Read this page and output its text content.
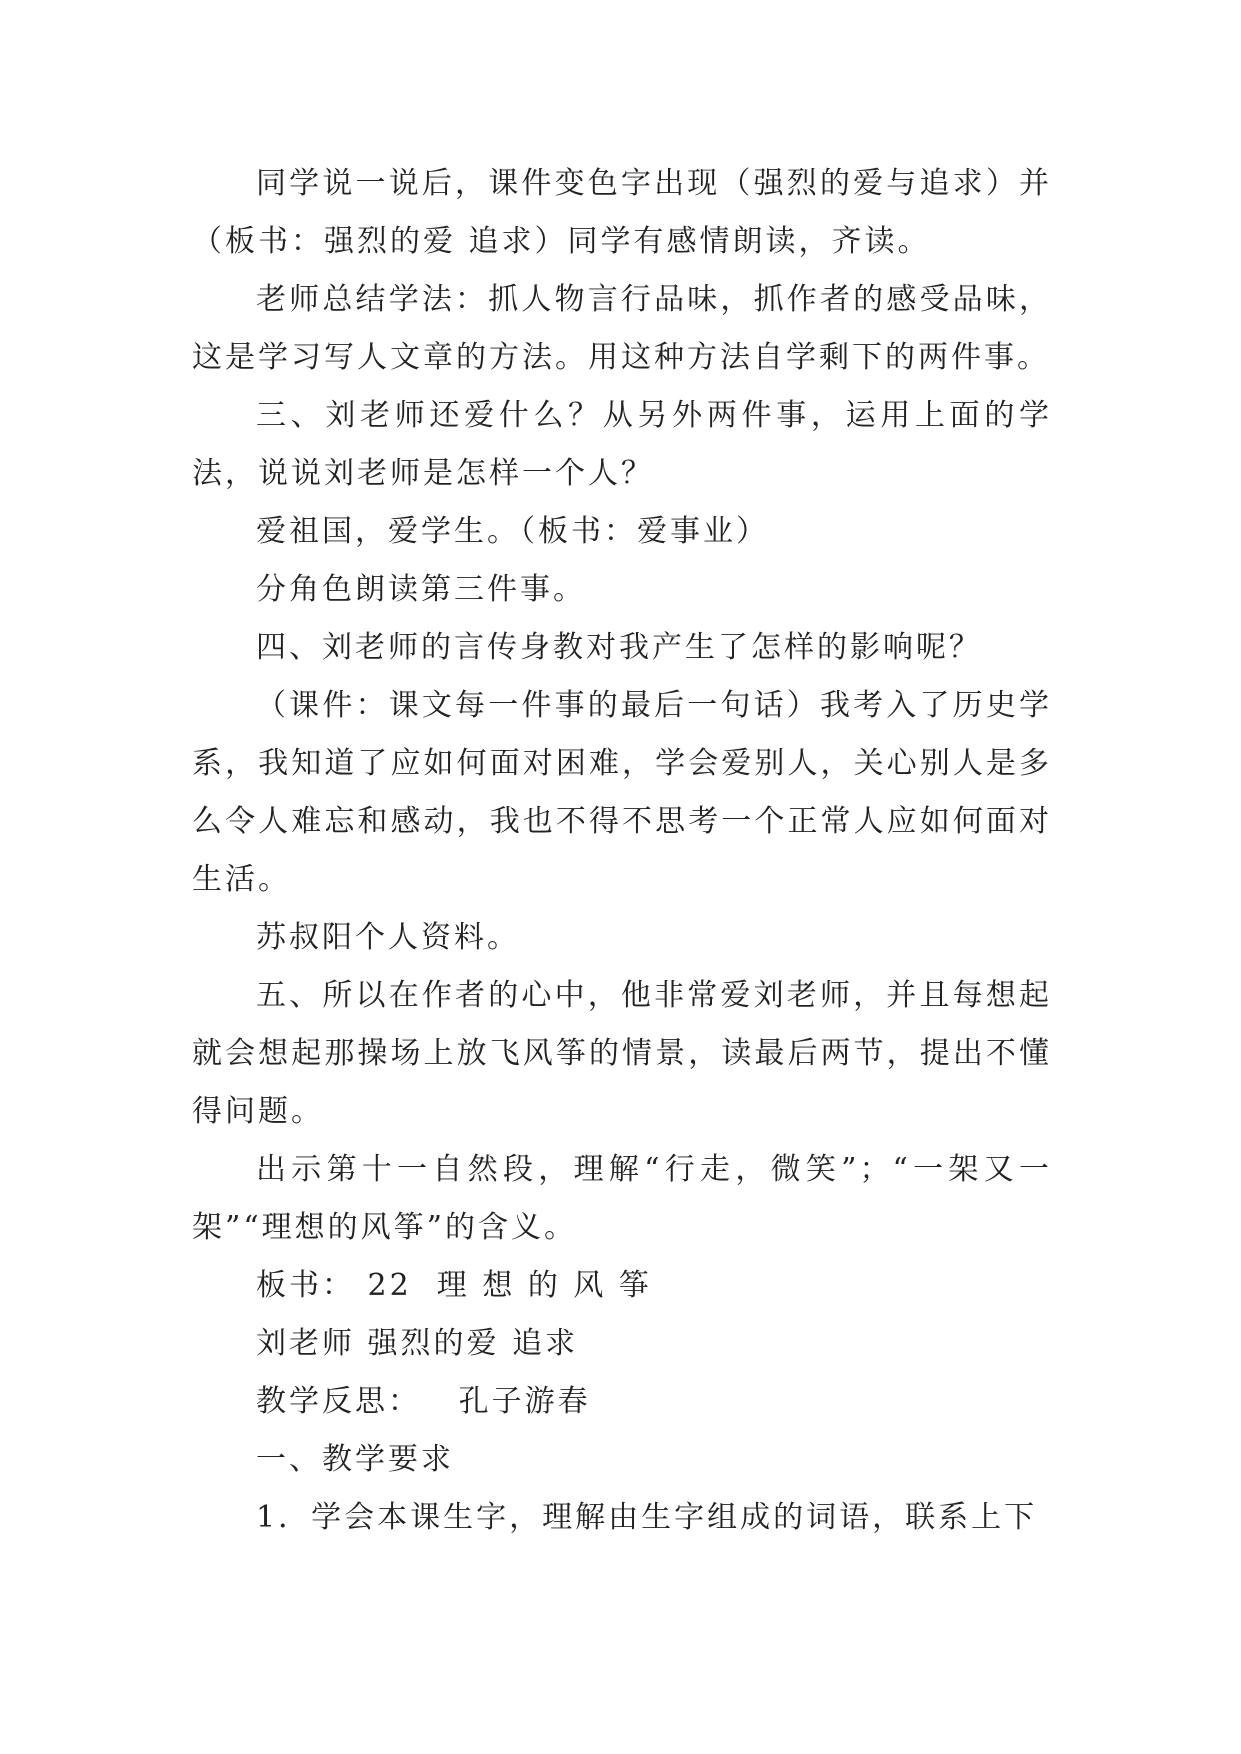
同学说一说后，课件变色字出现（强烈的爱与追求）并（板书：强烈的爱 追求）同学有感情朗读，齐读。

老师总结学法：抓人物言行品味，抓作者的感受品味，这是学习写人文章的方法。用这种方法自学剩下的两件事。

三、刘老师还爱什么？从另外两件事，运用上面的学法，说说刘老师是怎样一个人？

爱祖国，爱学生。（板书：爱事业）

分角色朗读第三件事。

四、刘老师的言传身教对我产生了怎样的影响呢？

（课件：课文每一件事的最后一句话）我考入了历史学系，我知道了应如何面对困难，学会爱别人，关心别人是多么令人难忘和感动，我也不得不思考一个正常人应如何面对生活。

苏叔阳个人资料。

五、所以在作者的心中，他非常爱刘老师，并且每想起就会想起那操场上放飞风筝的情景，读最后两节，提出不懂得问题。

出示第十一自然段，理解“行走，微笑”；“一架又一架”“理想的风筝”的含义。

板书： 22  理 想 的 风 筝

刘老师 强烈的爱 追求

教学反思：   孔子游春

一、教学要求

1．学会本课生字，理解由生字组成的词语，联系上下
